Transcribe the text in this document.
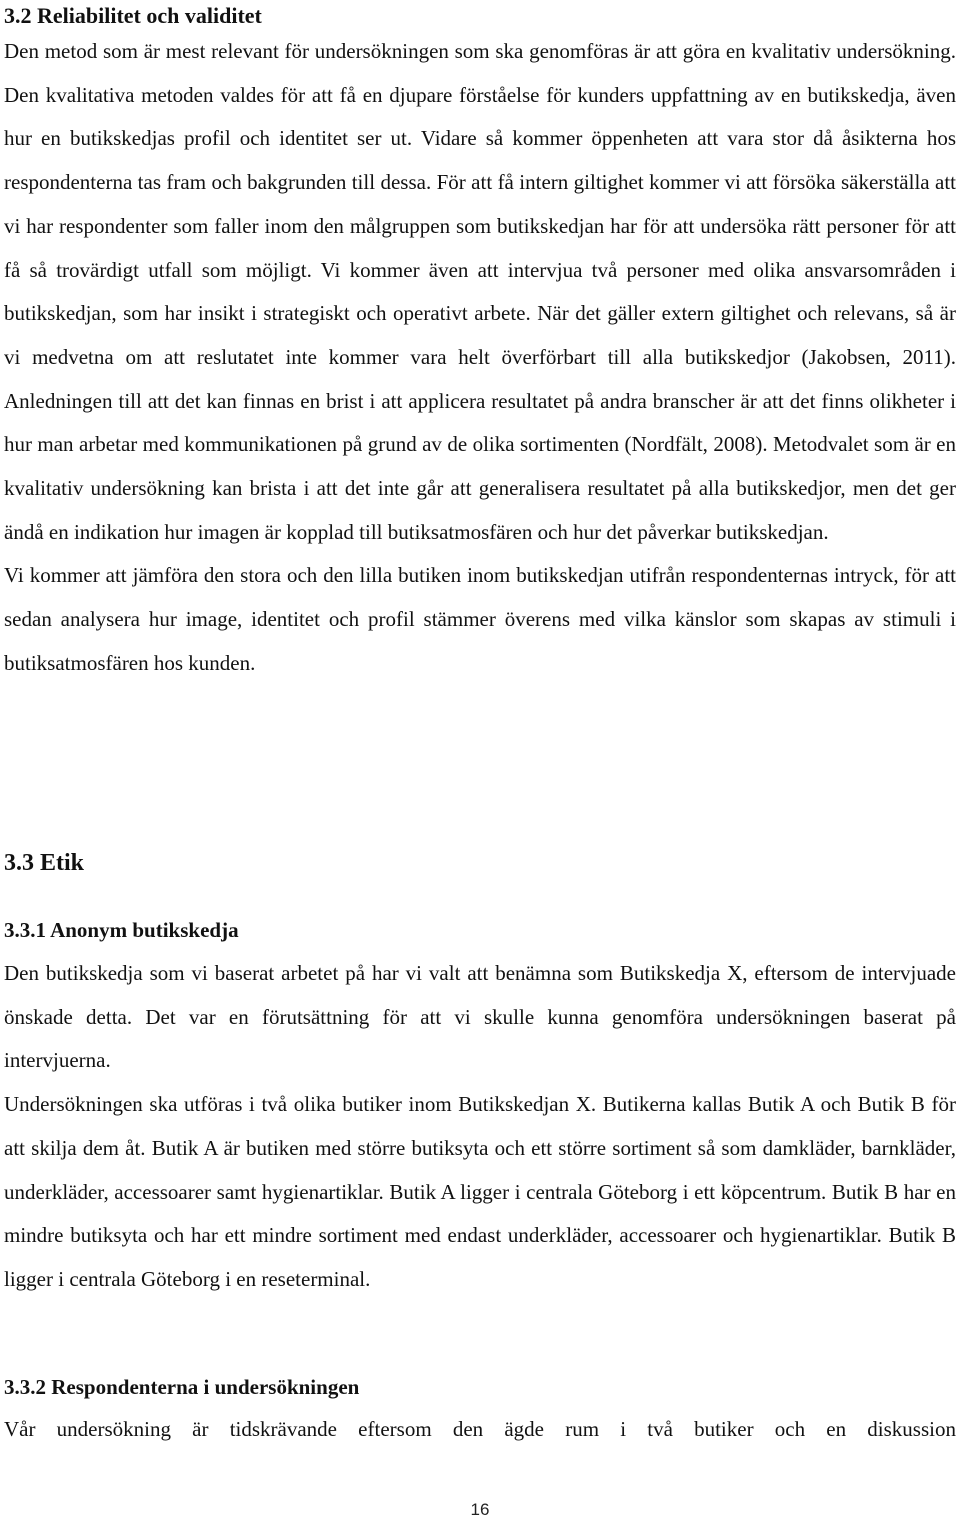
3.2 Reliabilitet och validitet

Den metod som är mest relevant för undersökningen som ska genomföras är att göra en kvalitativ undersökning. Den kvalitativa metoden valdes för att få en djupare förståelse för kunders uppfattning av en butikskedja, även hur en butikskedjas profil och identitet ser ut. Vidare så kommer öppenheten att vara stor då åsikterna hos respondenterna tas fram och bakgrunden till dessa. För att få intern giltighet kommer vi att försöka säkerställa att vi har respondenter som faller inom den målgruppen som butikskedjan har för att undersöka rätt personer för att få så trovärdigt utfall som möjligt. Vi kommer även att intervjua två personer med olika ansvarsområden i butikskedjan, som har insikt i strategiskt och operativt arbete. När det gäller extern giltighet och relevans, så är vi medvetna om att reslutatet inte kommer vara helt överförbart till alla butikskedjor (Jakobsen, 2011). Anledningen till att det kan finnas en brist i att applicera resultatet på andra branscher är att det finns olikheter i hur man arbetar med kommunikationen på grund av de olika sortimenten (Nordfält, 2008). Metodvalet som är en kvalitativ undersökning kan brista i att det inte går att generalisera resultatet på alla butikskedjor, men det ger ändå en indikation hur imagen är kopplad till butiksatmosfären och hur det påverkar butikskedjan.

Vi kommer att jämföra den stora och den lilla butiken inom butikskedjan utifrån respondenternas intryck, för att sedan analysera hur image, identitet och profil stämmer överens med vilka känslor som skapas av stimuli i butiksatmosfären hos kunden.

3.3 Etik
3.3.1 Anonym butikskedja

Den butikskedja som vi baserat arbetet på har vi valt att benämna som Butikskedja X, eftersom de intervjuade önskade detta. Det var en förutsättning för att vi skulle kunna genomföra undersökningen baserat på intervjuerna.

Undersökningen ska utföras i två olika butiker inom Butikskedjan X. Butikerna kallas Butik A och Butik B för att skilja dem åt. Butik A är butiken med större butiksyta och ett större sortiment så som damkläder, barnkläder, underkläder, accessoarer samt hygienartiklar. Butik A ligger i centrala Göteborg i ett köpcentrum. Butik B har en mindre butiksyta och har ett mindre sortiment med endast underkläder, accessoarer och hygienartiklar. Butik B ligger i centrala Göteborg i en reseterminal.

3.3.2 Respondenterna i undersökningen

Vår undersökning är tidskrävande eftersom den ägde rum i två butiker och en diskussion

16
